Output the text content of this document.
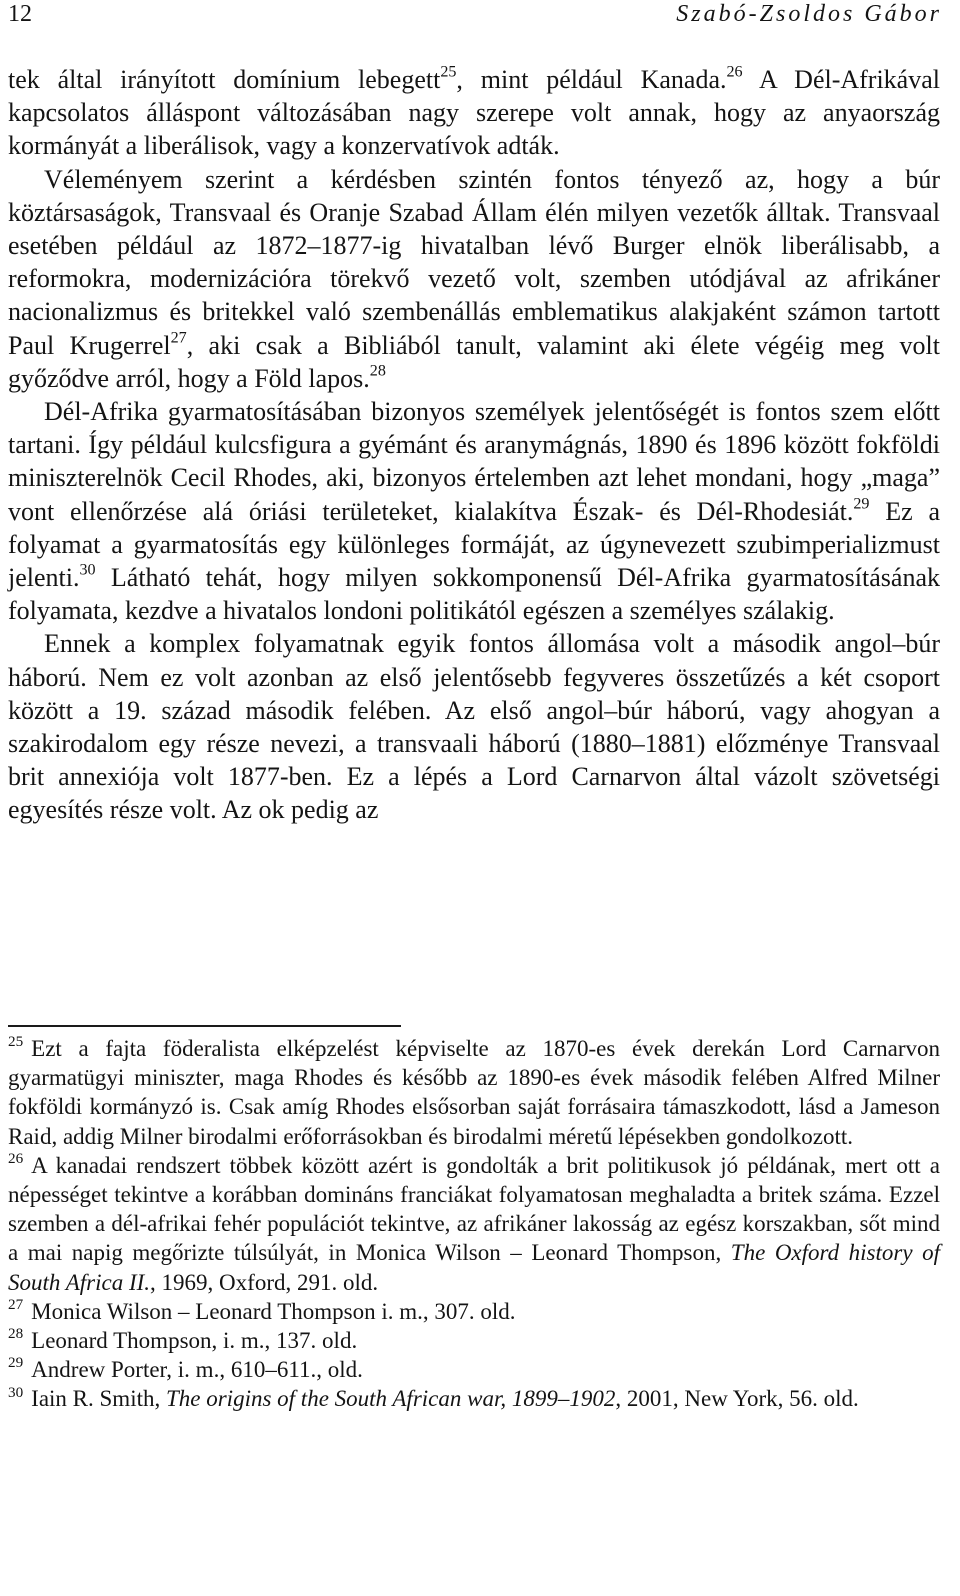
12	Szabó-Zsoldos Gábor

tek által irányított domínium lebegett$^{25}$, mint például Kanada.$^{26}$ A Dél-Afrikával kapcsolatos álláspont változásában nagy szerepe volt annak, hogy az anyaország kormányát a liberálisok, vagy a konzervatívok adták.

Véleményem szerint a kérdésben szintén fontos tényező az, hogy a búr köztársaságok, Transvaal és Oranje Szabad Állam élén milyen vezetők álltak. Transvaal esetében például az 1872–1877-ig hivatalban lévő Burger elnök liberálisabb, a reformokra, modernizációra törekvő vezető volt, szemben utódjával az afrikáner nacionalizmus és britekkel való szembenállás emblematikus alakjaként számon tartott Paul Krugerrel$^{27}$, aki csak a Bibliából tanult, valamint aki élete végéig meg volt győződve arról, hogy a Föld lapos.$^{28}$

Dél-Afrika gyarmatosításában bizonyos személyek jelentőségét is fontos szem előtt tartani. Így például kulcsfigura a gyémánt és aranymágnás, 1890 és 1896 között fokföldi miniszterelnök Cecil Rhodes, aki, bizonyos értelemben azt lehet mondani, hogy „maga” vont ellenőrzése alá óriási területeket, kialakítva Észak- és Dél-Rhodesiát.$^{29}$ Ez a folyamat a gyarmatosítás egy különleges formáját, az úgynevezett szubimperializmust jelenti.$^{30}$ Látható tehát, hogy milyen sokkomponensű Dél-Afrika gyarmatosításának folyamata, kezdve a hivatalos londoni politikától egészen a személyes szálakig.

Ennek a komplex folyamatnak egyik fontos állomása volt a második angol–búr háború. Nem ez volt azonban az első jelentősebb fegyveres összetűzés a két csoport között a 19. század második felében. Az első angol–búr háború, vagy ahogyan a szakirodalom egy része nevezi, a transvaali háború (1880–1881) előzménye Transvaal brit annexiója volt 1877-ben. Ez a lépés a Lord Carnarvon által vázolt szövetségi egyesítés része volt. Az ok pedig az

$^{25}$ Ezt a fajta föderalista elképzelést képviselte az 1870-es évek derekán Lord Carnarvon gyarmatügyi miniszter, maga Rhodes és később az 1890-es évek második felében Alfred Milner fokföldi kormányzó is. Csak amíg Rhodes elsősorban saját forrásaira támaszkodott, lásd a Jameson Raid, addig Milner birodalmi erőforrásokban és birodalmi méretű lépésekben gondolkozott.

$^{26}$ A kanadai rendszert többek között azért is gondolták a brit politikusok jó példának, mert ott a népességet tekintve a korábban domináns franciákat folyamatosan meghaladta a britek száma. Ezzel szemben a dél-afrikai fehér populációt tekintve, az afrikáner lakosság az egész korszakban, sőt mind a mai napig megőrizte túlsúlyát, in Monica Wilson – Leonard Thompson, The Oxford history of South Africa II., 1969, Oxford, 291. old.

$^{27}$ Monica Wilson – Leonard Thompson i. m., 307. old.

$^{28}$ Leonard Thompson, i. m., 137. old.

$^{29}$ Andrew Porter, i. m., 610–611., old.

$^{30}$ Iain R. Smith, The origins of the South African war, 1899–1902, 2001, New York, 56. old.
